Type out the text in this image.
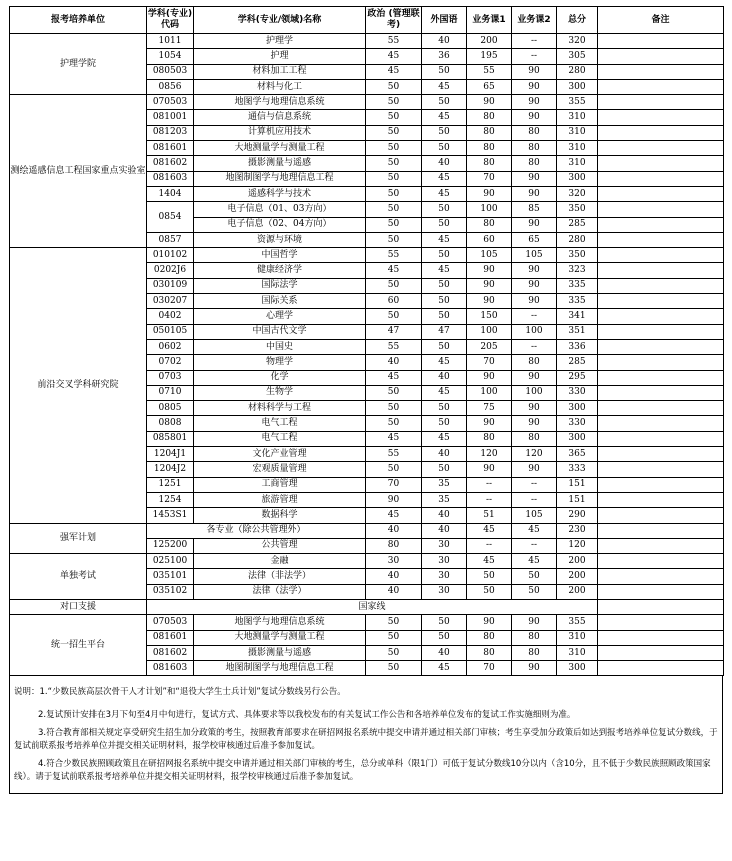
报考培养单位	学科(专业)代码	学科(专业/领域)名称	政治 (管理联考)	外国语	业务课1	业务课2	总分	备注
护理学院	1011	护理学	55	40	200	--	320	
	1054	护理	45	36	195	--	305	
	080503	材料加工工程	45	50	55	90	280	
	0856	材料与化工	50	45	65	90	300	
测绘遥感信息工程国家重点实验室	070503	地图学与地理信息系统	50	50	90	90	355	
	081001	通信与信息系统	50	45	80	90	310	
	081203	计算机应用技术	50	50	80	80	310	
	081601	大地测量学与测量工程	50	50	80	80	310	
	081602	摄影测量与遥感	50	40	80	80	310	
	081603	地图制图学与地理信息工程	50	45	70	90	300	
	1404	遥感科学与技术	50	45	90	90	320	
	0854	电子信息（01、03方向）	50	50	100	85	350	
		电子信息（02、04方向）	50	50	80	90	285	
	0857	资源与环境	50	45	60	65	280	
前沿交叉学科研究院	010102	中国哲学	55	50	105	105	350	
	0202J6	健康经济学	45	45	90	90	323	
	030109	国际法学	50	50	90	90	335	
	030207	国际关系	60	50	90	90	335	
	0402	心理学	50	50	150	--	341	
	050105	中国古代文学	47	47	100	100	351	
	0602	中国史	55	50	205	--	336	
	0702	物理学	40	45	70	80	285	
	0703	化学	45	40	90	90	295	
	0710	生物学	50	45	100	100	330	
	0805	材料科学与工程	50	50	75	90	300	
	0808	电气工程	50	50	90	90	330	
	085801	电气工程	45	45	80	80	300	
	1204J1	文化产业管理	55	40	120	120	365	
	1204J2	宏观质量管理	50	50	90	90	333	
	1251	工商管理	70	35	--	--	151	
	1254	旅游管理	90	35	--	--	151	
	1453S1	数据科学	45	40	51	105	290	
强军计划	各专业（除公共管理外）		40	40	45	45	230	
	125200	公共管理	80	30	--	--	120	
单独考试	025100	金融	30	30	45	45	200	
	035101	法律（非法学）	40	30	50	50	200	
	035102	法律（法学）	40	30	50	50	200	
对口支援	国家线							
统一招生平台	070503	地图学与地理信息系统	50	50	90	90	355	
	081601	大地测量学与测量工程	50	50	80	80	310	
	081602	摄影测量与遥感	50	40	80	80	310	
	081603	地图制图学与地理信息工程	50	45	70	90	300	

说明：1.“少数民族高层次骨干人才计划”和“退役大学生士兵计划”复试分数线另行公告。

2.复试预计安排在3月下旬至4月中旬进行，复试方式、具体要求等以我校发布的有关复试工作公告和各培养单位发布的复试工作实施细则为准。

3.符合教育部相关规定享受研究生招生加分政策的考生，按照教育部要求在研招网报名系统中提交申请并通过相关部门审核；考生享受加分政策后如达到报考培养单位复试分数线，于复试前联系报考培养单位并提交相关证明材料，报学校审核通过后准予参加复试。

4.符合少数民族照顾政策且在研招网报名系统中提交申请并通过相关部门审核的考生，总分或单科（限1门）可低于复试分数线10分以内（含10分，且不低于少数民族照顾政策国家线）。请于复试前联系报考培养单位并提交相关证明材料，报学校审核通过后准予参加复试。
